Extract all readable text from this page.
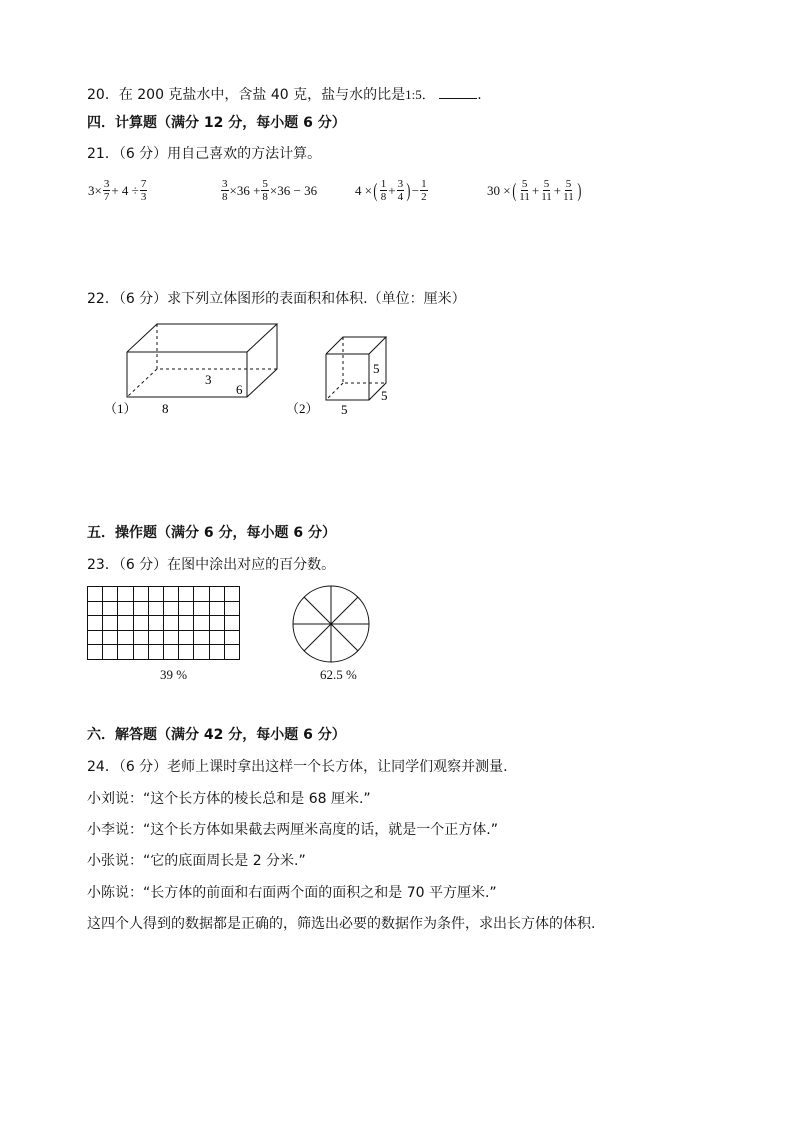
20．在 200 克盐水中，含盐 40 克，盐与水的比是1:5．	.
四．计算题（满分 12 分，每小题 6 分）
21．（6 分）用自己喜欢的方法计算。
$3\times \frac{3}{7} + 4 \div \frac{7}{3}$	$\frac{3}{8} \times 36 + \frac{5}{8} \times 36 - 36$	4 × ( $\frac{1}{8} + \frac{3}{4}$ ) − $\frac{1}{2}$	30 × ( $\frac{5}{11} + \frac{5}{11} + \frac{5}{11}$ )
22．（6 分）求下列立体图形的表面积和体积.（单位：厘米）
（1） 8
3
6
（2） 5
5
5
五．操作题（满分 6 分，每小题 6 分）
23．（6 分）在图中涂出对应的百分数。

39 %	62.5 %
六．解答题（满分 42 分，每小题 6 分）
24．（6 分）老师上课时拿出这样一个长方体，让同学们观察并测量.
小刘说：“这个长方体的棱长总和是 68 厘米.”
小李说：“这个长方体如果截去两厘米高度的话，就是一个正方体.”
小张说：“它的底面周长是 2 分米.”
小陈说：“长方体的前面和右面两个面的面积之和是 70 平方厘米.”
这四个人得到的数据都是正确的，筛选出必要的数据作为条件，求出长方体的体积.
